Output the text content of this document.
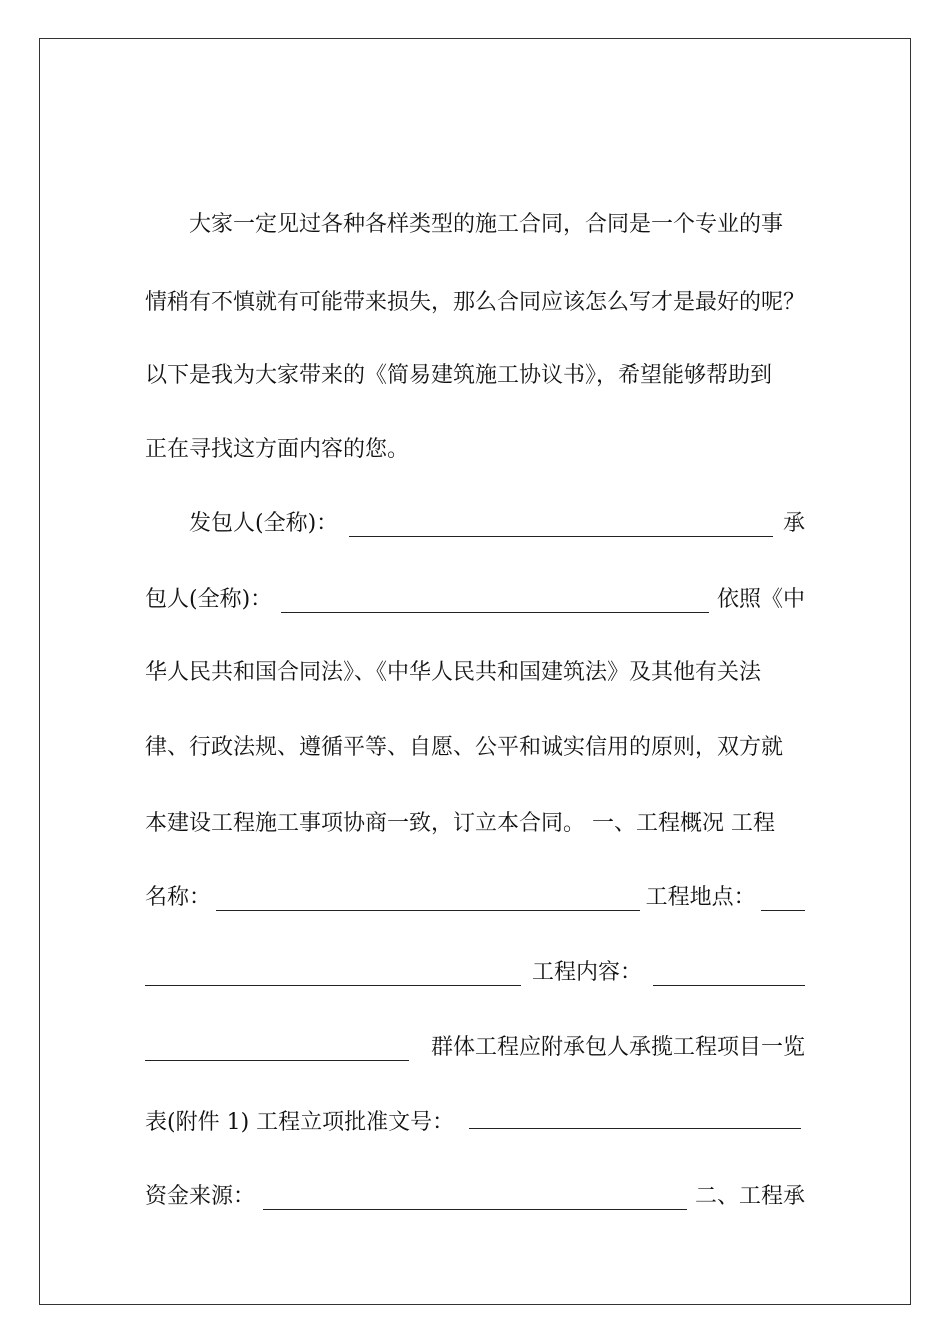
大家一定见过各种各样类型的施工合同，合同是一个专业的事
情稍有不慎就有可能带来损失，那么合同应该怎么写才是最好的呢？
以下是我为大家带来的《简易建筑施工协议书》，希望能够帮助到
正在寻找这方面内容的您。
发包人(全称)：	承
包人(全称)：	依照《中
华人民共和国合同法》、《中华人民共和国建筑法》及其他有关法
律、行政法规、遵循平等、自愿、公平和诚实信用的原则，双方就
本建设工程施工事项协商一致，订立本合同。 一、工程概况 工程
名称：	工程地点：
工程内容：
群体工程应附承包人承揽工程项目一览
表(附件 1) 工程立项批准文号：
资金来源：	二、工程承
